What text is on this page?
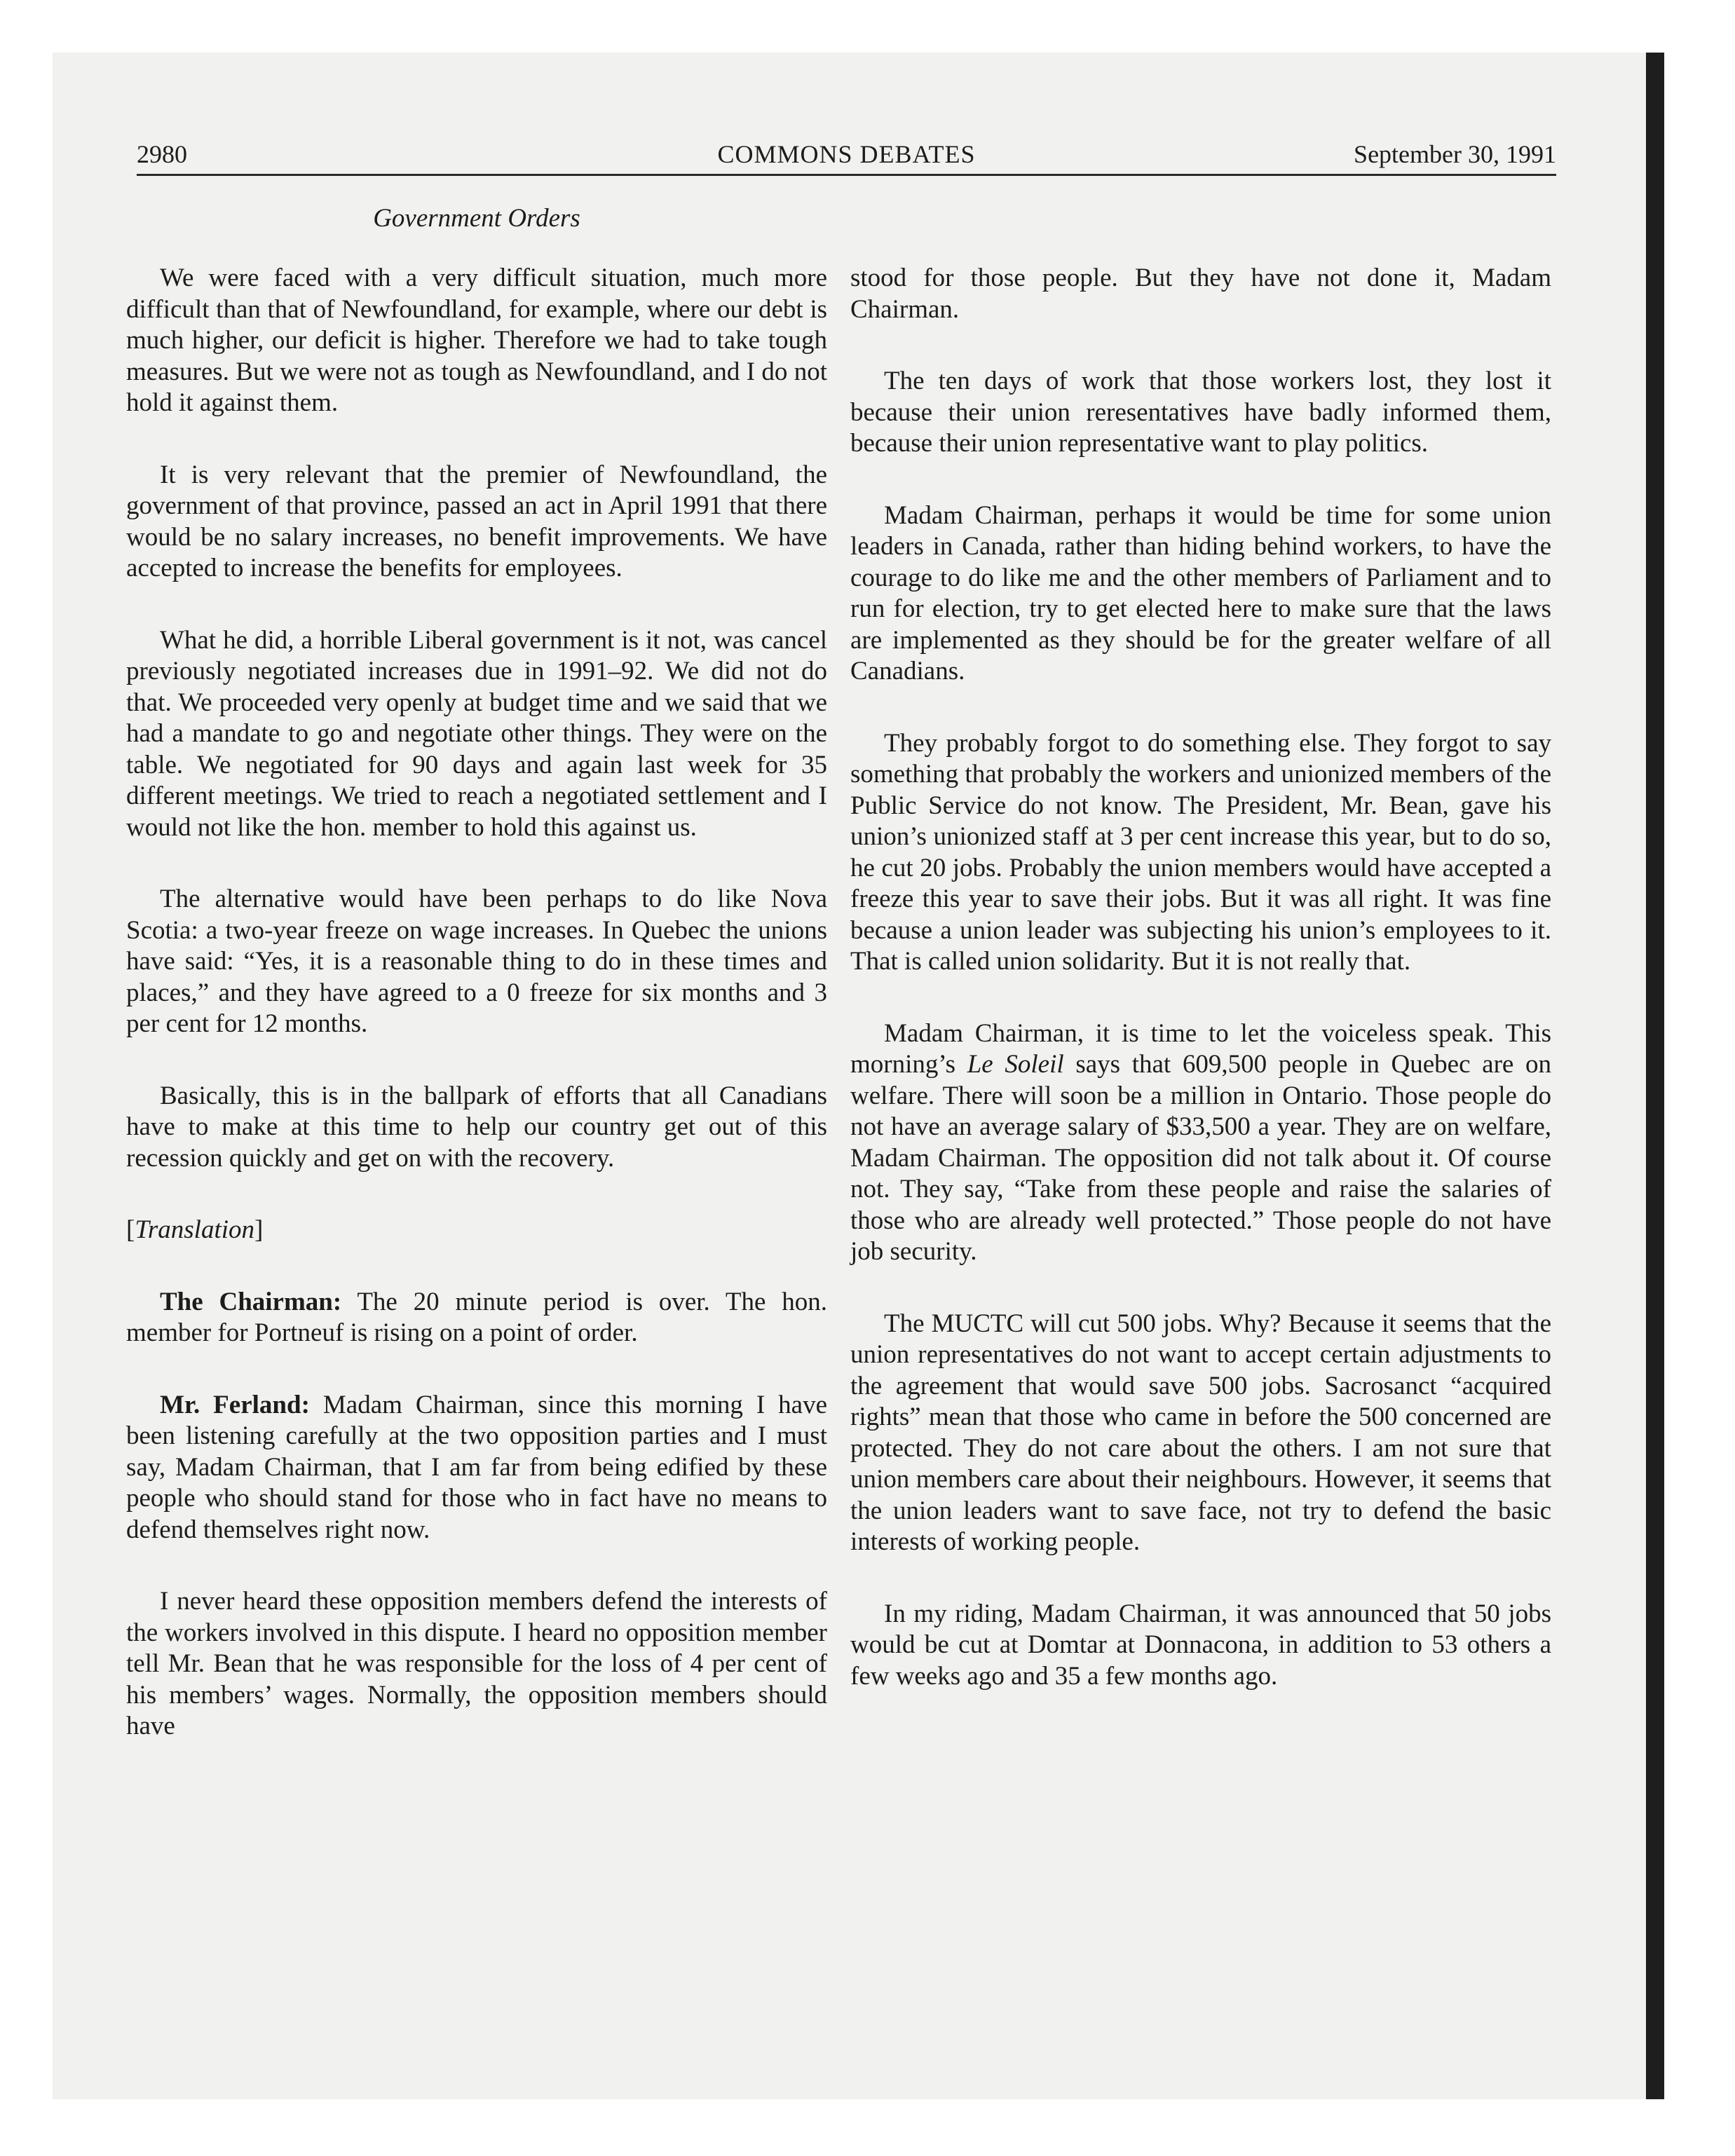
2980	COMMONS DEBATES	September 30, 1991
Government Orders

We were faced with a very difficult situation, much more difficult than that of Newfoundland, for example, where our debt is much higher, our deficit is higher. Therefore we had to take tough measures. But we were not as tough as Newfoundland, and I do not hold it against them.

It is very relevant that the premier of Newfoundland, the government of that province, passed an act in April 1991 that there would be no salary increases, no benefit improvements. We have accepted to increase the benefits for employees.

What he did, a horrible Liberal government is it not, was cancel previously negotiated increases due in 1991–92. We did not do that. We proceeded very openly at budget time and we said that we had a mandate to go and negotiate other things. They were on the table. We negotiated for 90 days and again last week for 35 different meetings. We tried to reach a negotiated settlement and I would not like the hon. member to hold this against us.

The alternative would have been perhaps to do like Nova Scotia: a two-year freeze on wage increases. In Quebec the unions have said: “Yes, it is a reasonable thing to do in these times and places,” and they have agreed to a 0 freeze for six months and 3 per cent for 12 months.

Basically, this is in the ballpark of efforts that all Canadians have to make at this time to help our country get out of this recession quickly and get on with the recovery.

[Translation]

The Chairman: The 20 minute period is over. The hon. member for Portneuf is rising on a point of order.

Mr. Ferland: Madam Chairman, since this morning I have been listening carefully at the two opposition parties and I must say, Madam Chairman, that I am far from being edified by these people who should stand for those who in fact have no means to defend themselves right now.

I never heard these opposition members defend the interests of the workers involved in this dispute. I heard no opposition member tell Mr. Bean that he was responsible for the loss of 4 per cent of his members’ wages. Normally, the opposition members should have

stood for those people. But they have not done it, Madam Chairman.

The ten days of work that those workers lost, they lost it because their union reresentatives have badly informed them, because their union representative want to play politics.

Madam Chairman, perhaps it would be time for some union leaders in Canada, rather than hiding behind workers, to have the courage to do like me and the other members of Parliament and to run for election, try to get elected here to make sure that the laws are implemented as they should be for the greater welfare of all Canadians.

They probably forgot to do something else. They forgot to say something that probably the workers and unionized members of the Public Service do not know. The President, Mr. Bean, gave his union’s unionized staff at 3 per cent increase this year, but to do so, he cut 20 jobs. Probably the union members would have accepted a freeze this year to save their jobs. But it was all right. It was fine because a union leader was subjecting his union’s employees to it. That is called union solidarity. But it is not really that.

Madam Chairman, it is time to let the voiceless speak. This morning’s Le Soleil says that 609,500 people in Quebec are on welfare. There will soon be a million in Ontario. Those people do not have an average salary of $33,500 a year. They are on welfare, Madam Chairman. The opposition did not talk about it. Of course not. They say, “Take from these people and raise the salaries of those who are already well protected.” Those people do not have job security.

The MUCTC will cut 500 jobs. Why? Because it seems that the union representatives do not want to accept certain adjustments to the agreement that would save 500 jobs. Sacrosanct “acquired rights” mean that those who came in before the 500 concerned are protected. They do not care about the others. I am not sure that union members care about their neighbours. However, it seems that the union leaders want to save face, not try to defend the basic interests of working people.

In my riding, Madam Chairman, it was announced that 50 jobs would be cut at Domtar at Donnacona, in addition to 53 others a few weeks ago and 35 a few months ago.
